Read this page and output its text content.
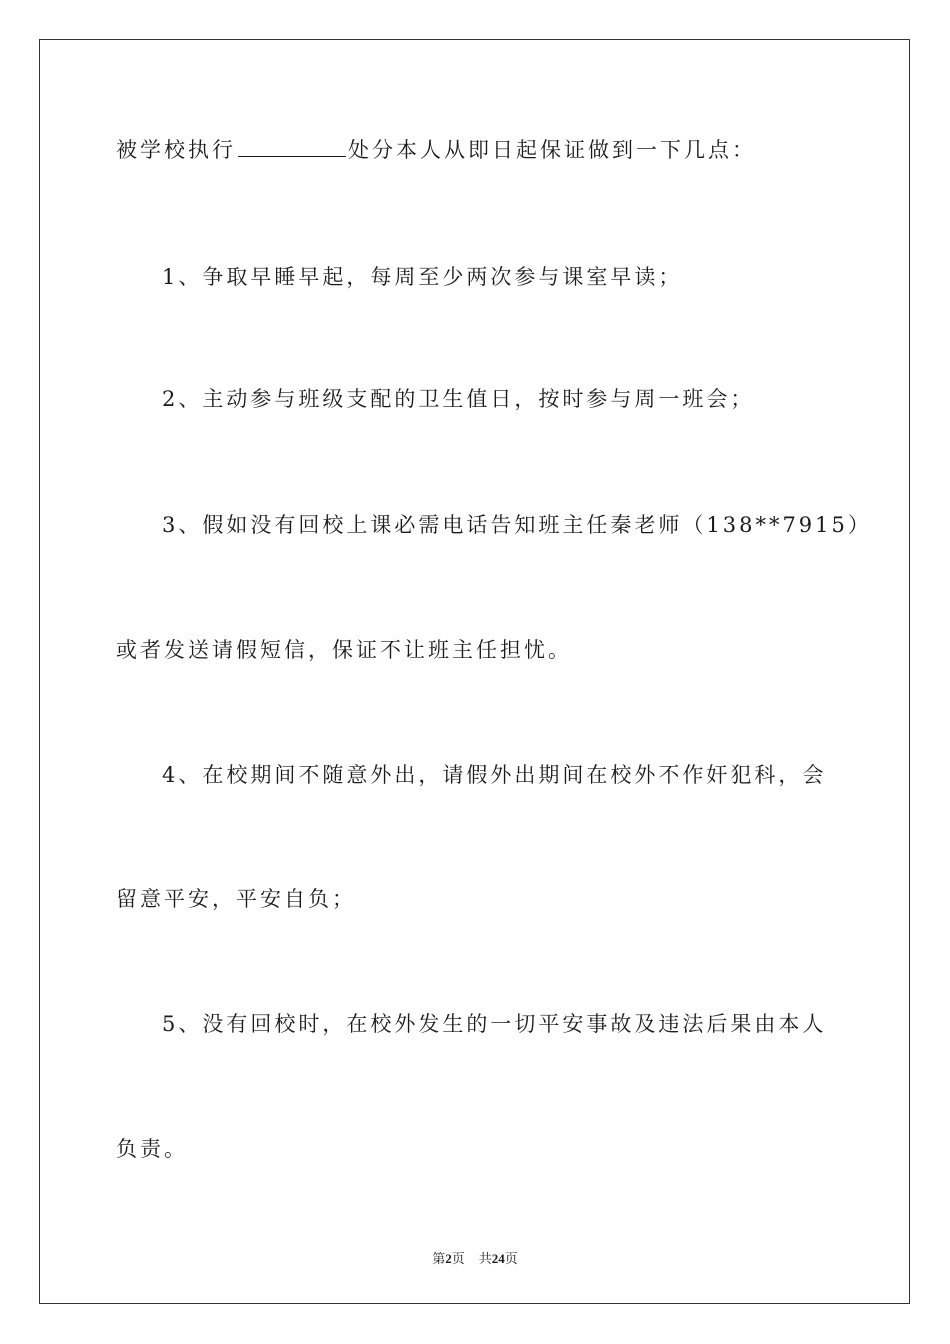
被学校执行	处分本人从即日起保证做到一下几点：
1、争取早睡早起，每周至少两次参与课室早读；
2、主动参与班级支配的卫生值日，按时参与周一班会；
3、假如没有回校上课必需电话告知班主任秦老师（138**7915）
或者发送请假短信，保证不让班主任担忧。
4、在校期间不随意外出，请假外出期间在校外不作奸犯科，会
留意平安，平安自负；
5、没有回校时，在校外发生的一切平安事故及违法后果由本人
负责。
第2页 共24页
